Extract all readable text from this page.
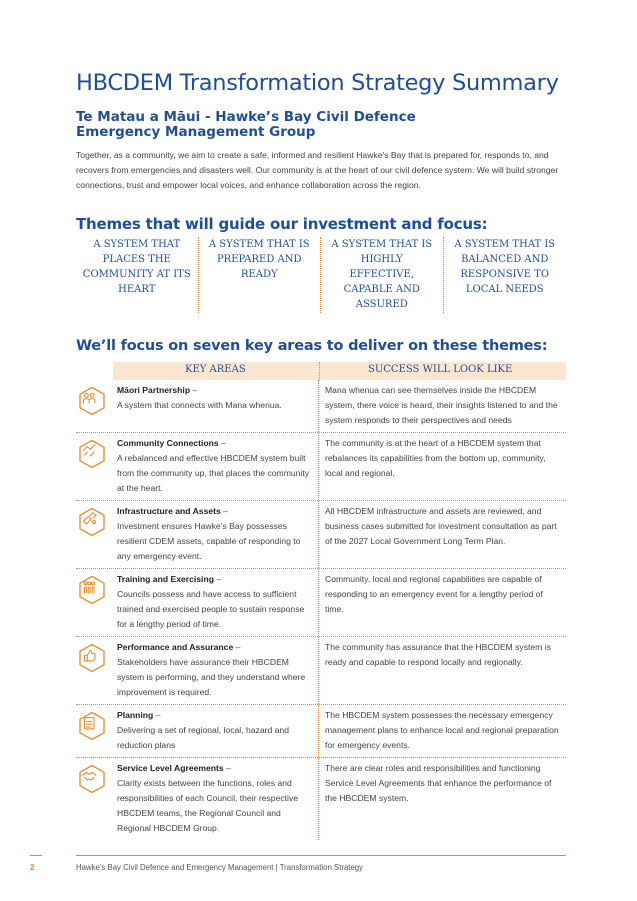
HBCDEM Transformation Strategy Summary
Te Matau a Māui - Hawke’s Bay Civil Defence Emergency Management Group

Together, as a community, we aim to create a safe, informed and resilient Hawke’s Bay that is prepared for, responds to, and recovers from emergencies and disasters well. Our community is at the heart of our civil defence system. We will build stronger connections, trust and empower local voices, and enhance collaboration across the region.

Themes that will guide our investment and focus:
A SYSTEM THAT PLACES THE COMMUNITY AT ITS HEART
A SYSTEM THAT IS PREPARED AND READY
A SYSTEM THAT IS HIGHLY EFFECTIVE, CAPABLE AND ASSURED
A SYSTEM THAT IS BALANCED AND RESPONSIVE TO LOCAL NEEDS
We’ll focus on seven key areas to deliver on these themes:
KEY AREAS	SUCCESS WILL LOOK LIKE
Māori Partnership –
A system that connects with Mana whenua.
Mana whenua can see themselves inside the HBCDEM system, there voice is heard, their insights listened to and the system responds to their perspectives and needs
Community Connections –
A rebalanced and effective HBCDEM system built from the community up, that places the community at the heart.
The community is at the heart of a HBCDEM system that rebalances its capabilities from the bottom up, community, local and regional.
Infrastructure and Assets –
Investment ensures Hawke’s Bay possesses resilient CDEM assets, capable of responding to any emergency event.
All HBCDEM infrastructure and assets are reviewed, and business cases submitted for investment consultation as part of the 2027 Local Government Long Term Plan.
Training and Exercising –
Councils possess and have access to sufficient trained and exercised people to sustain response for a lengthy period of time.
Community, local and regional capabilities are capable of responding to an emergency event for a lengthy period of time.
Performance and Assurance –
Stakeholders have assurance their HBCDEM system is performing, and they understand where improvement is required.
The community has assurance that the HBCDEM system is ready and capable to respond locally and regionally.
Planning –
Delivering a set of regional, local, hazard and reduction plans
The HBCDEM system possesses the necessary emergency management plans to enhance local and regional preparation for emergency events.
Service Level Agreements –
Clarity exists between the functions, roles and responsibilities of each Council, their respective HBCDEM teams, the Regional Council and Regional HBCDEM Group.
There are clear roles and responsibilities and functioning Service Level Agreements that enhance the performance of the HBCDEM system.
2	Hawke’s Bay Civil Defence and Emergency Management | Transformation Strategy
